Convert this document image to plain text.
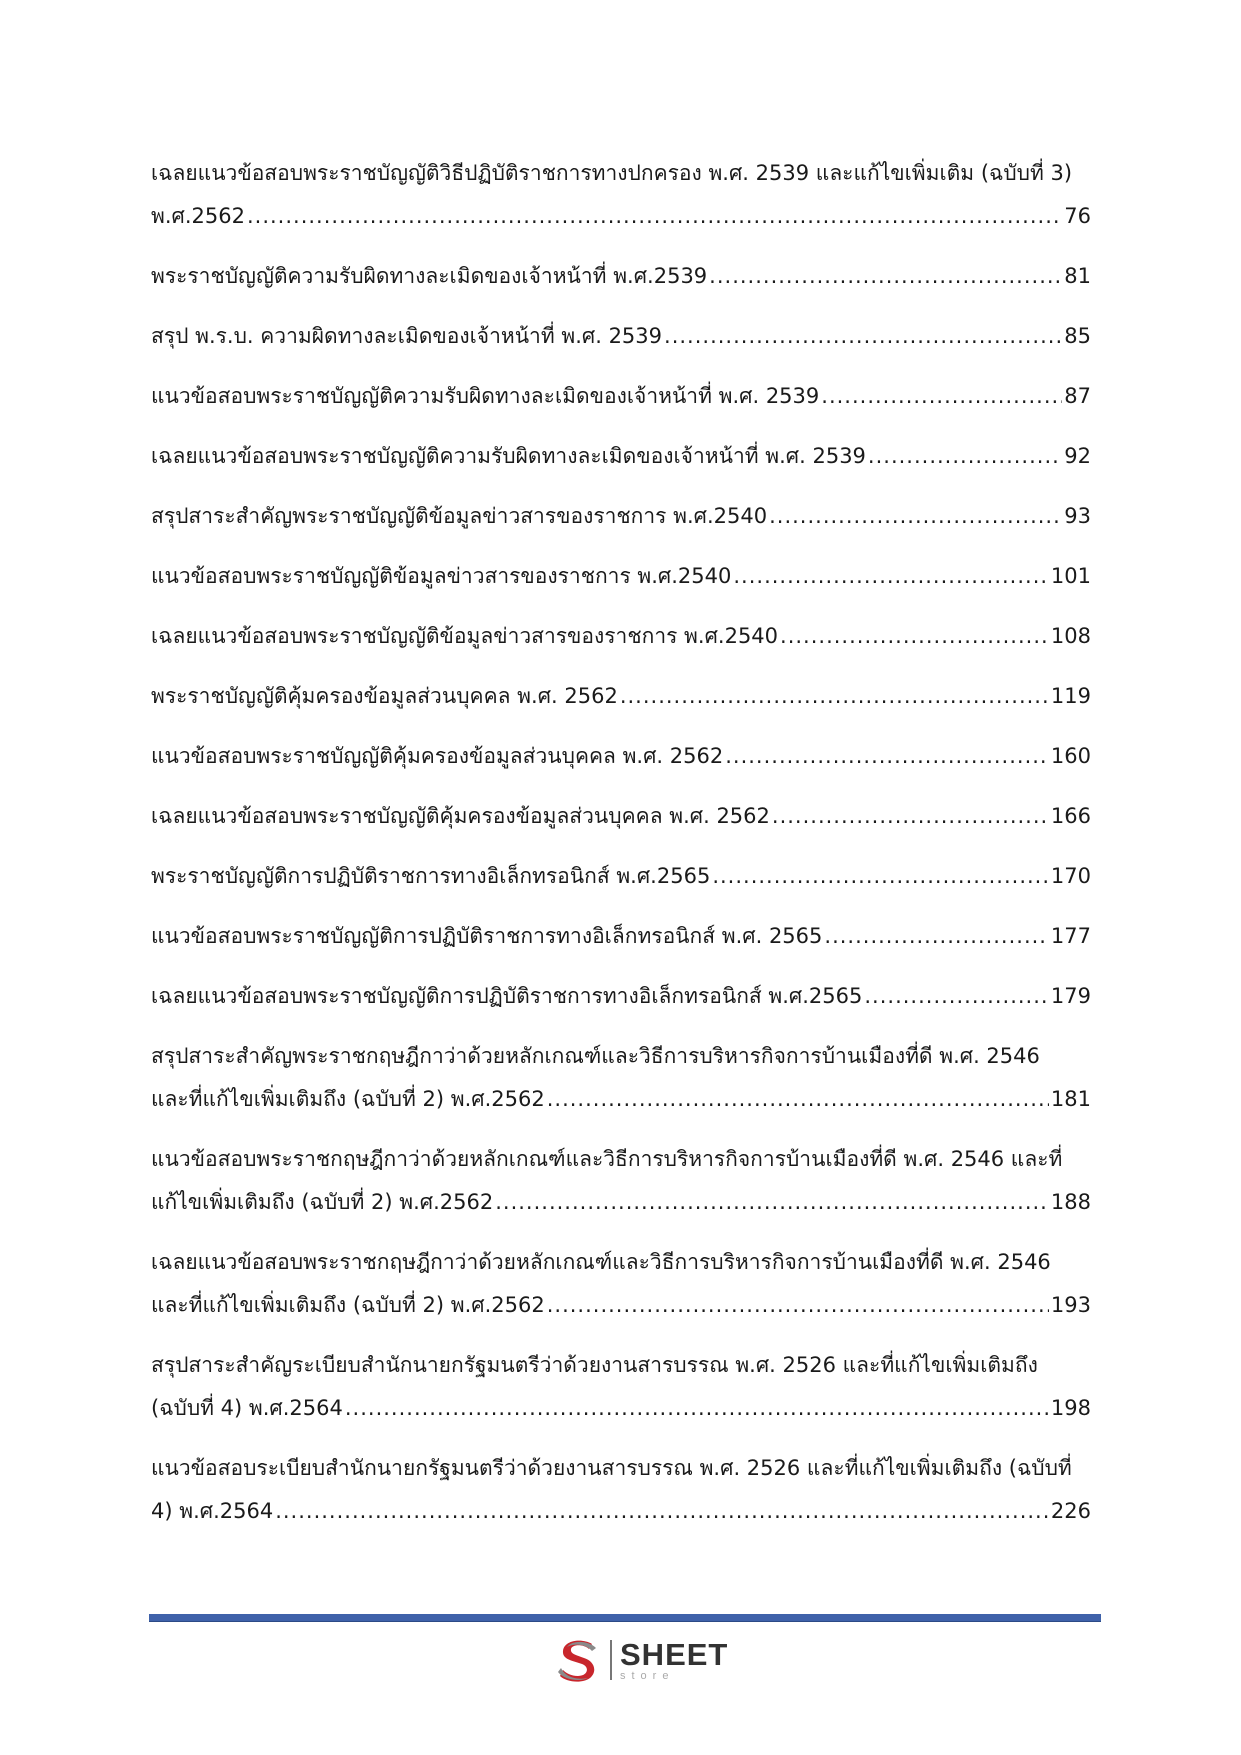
เฉลยแนวข้อสอบพระราชบัญญัติวิธีปฏิบัติราชการทางปกครอง พ.ศ. 2539 และแก้ไขเพิ่มเติม (ฉบับที่ 3)
พ.ศ.2562 .....	76
พระราชบัญญัติความรับผิดทางละเมิดของเจ้าหน้าที่ พ.ศ.2539 .....	81
สรุป พ.ร.บ. ความผิดทางละเมิดของเจ้าหน้าที่ พ.ศ. 2539 .....	85
แนวข้อสอบพระราชบัญญัติความรับผิดทางละเมิดของเจ้าหน้าที่ พ.ศ. 2539 .....	87
เฉลยแนวข้อสอบพระราชบัญญัติความรับผิดทางละเมิดของเจ้าหน้าที่ พ.ศ. 2539 .....	92
สรุปสาระสำคัญพระราชบัญญัติข้อมูลข่าวสารของราชการ พ.ศ.2540 .....	93
แนวข้อสอบพระราชบัญญัติข้อมูลข่าวสารของราชการ พ.ศ.2540 .....	101
เฉลยแนวข้อสอบพระราชบัญญัติข้อมูลข่าวสารของราชการ พ.ศ.2540 .....	108
พระราชบัญญัติคุ้มครองข้อมูลส่วนบุคคล พ.ศ. 2562 .....	119
แนวข้อสอบพระราชบัญญัติคุ้มครองข้อมูลส่วนบุคคล พ.ศ. 2562 .....	160
เฉลยแนวข้อสอบพระราชบัญญัติคุ้มครองข้อมูลส่วนบุคคล พ.ศ. 2562 .....	166
พระราชบัญญัติการปฏิบัติราชการทางอิเล็กทรอนิกส์ พ.ศ.2565 .....	170
แนวข้อสอบพระราชบัญญัติการปฏิบัติราชการทางอิเล็กทรอนิกส์ พ.ศ. 2565 .....	177
เฉลยแนวข้อสอบพระราชบัญญัติการปฏิบัติราชการทางอิเล็กทรอนิกส์ พ.ศ.2565 .....	179
สรุปสาระสำคัญพระราชกฤษฎีกาว่าด้วยหลักเกณฑ์และวิธีการบริหารกิจการบ้านเมืองที่ดี พ.ศ. 2546
และที่แก้ไขเพิ่มเติมถึง (ฉบับที่ 2) พ.ศ.2562 .....	181
แนวข้อสอบพระราชกฤษฎีกาว่าด้วยหลักเกณฑ์และวิธีการบริหารกิจการบ้านเมืองที่ดี พ.ศ. 2546 และที่
แก้ไขเพิ่มเติมถึง (ฉบับที่ 2) พ.ศ.2562 .....	188
เฉลยแนวข้อสอบพระราชกฤษฎีกาว่าด้วยหลักเกณฑ์และวิธีการบริหารกิจการบ้านเมืองที่ดี พ.ศ. 2546
และที่แก้ไขเพิ่มเติมถึง (ฉบับที่ 2) พ.ศ.2562 .....	193
สรุปสาระสำคัญระเบียบสำนักนายกรัฐมนตรีว่าด้วยงานสารบรรณ พ.ศ. 2526 และที่แก้ไขเพิ่มเติมถึง
(ฉบับที่ 4) พ.ศ.2564 .....	198
แนวข้อสอบระเบียบสำนักนายกรัฐมนตรีว่าด้วยงานสารบรรณ พ.ศ. 2526 และที่แก้ไขเพิ่มเติมถึง (ฉบับที่
4) พ.ศ.2564 .....	226
SHEET
store
